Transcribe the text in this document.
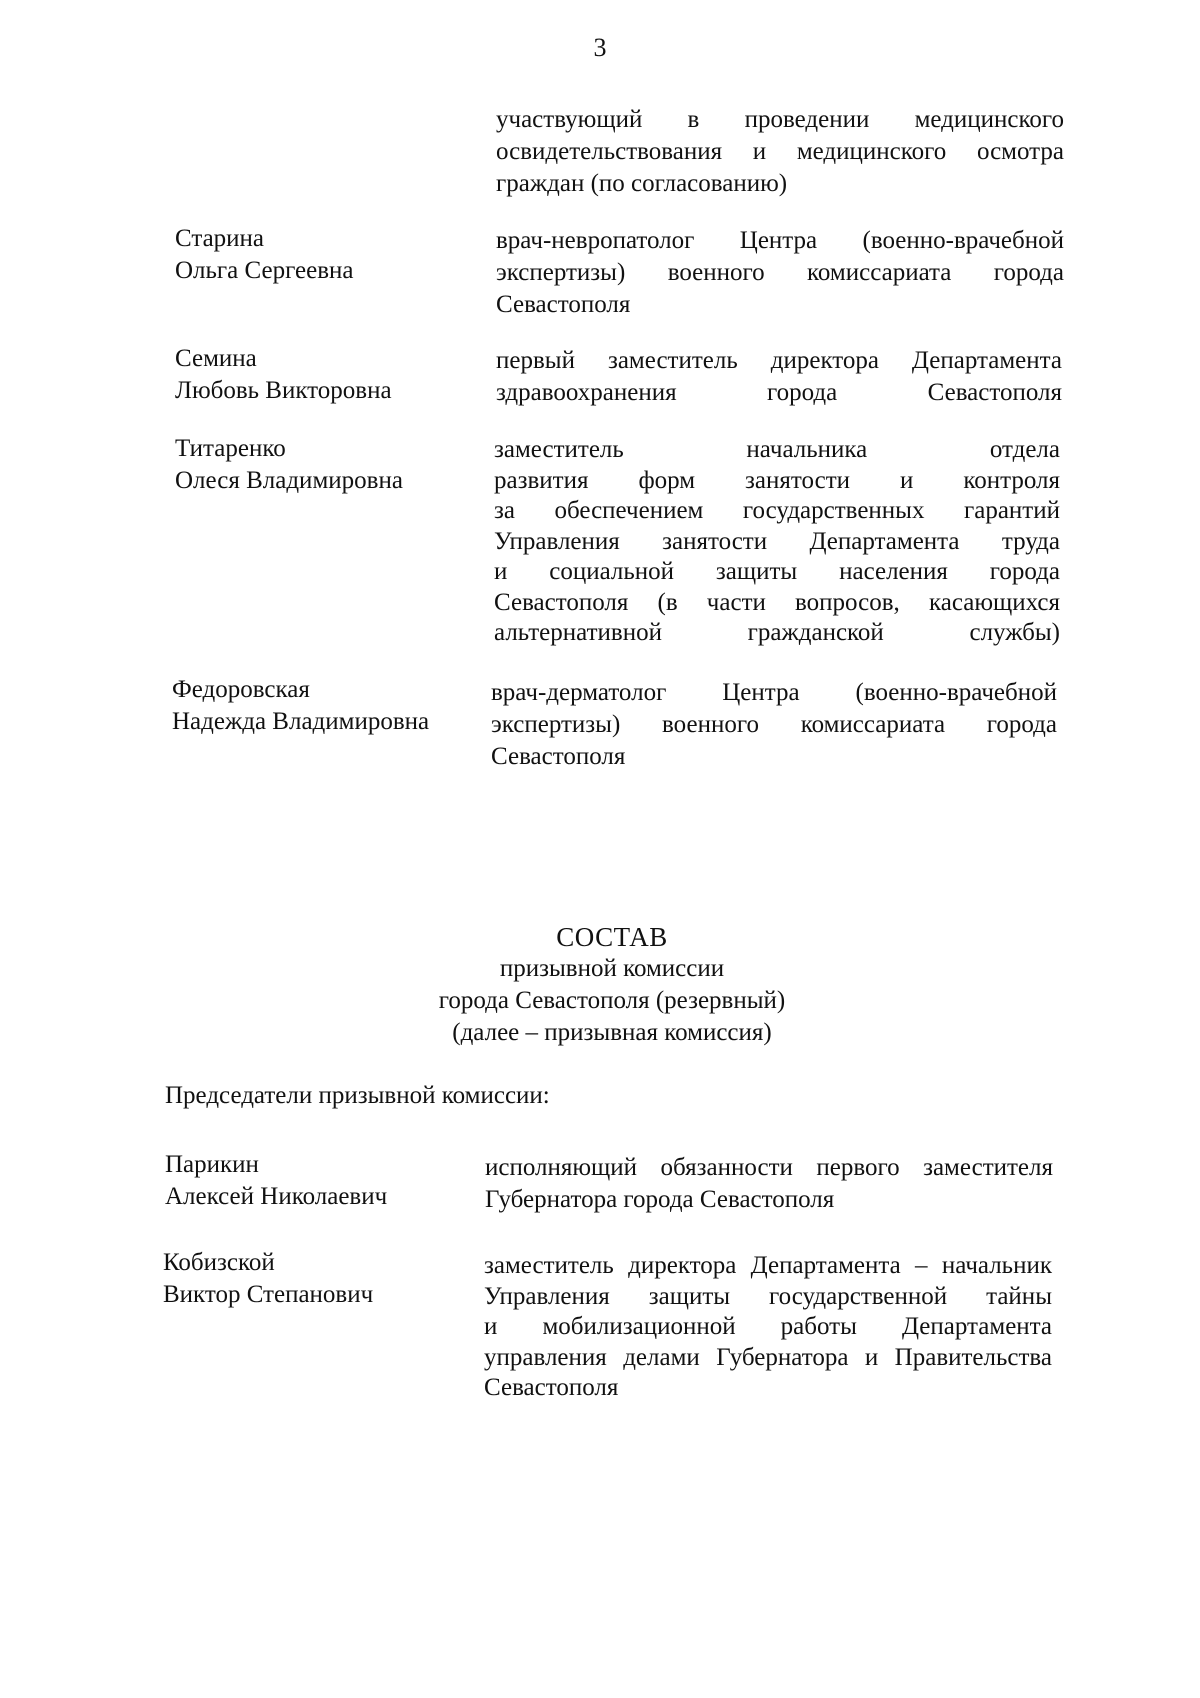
3
участвующий в проведении медицинского
освидетельствования и медицинского осмотра
граждан (по согласованию)
Старина
Ольга Сергеевна
врач-невропатолог Центра (военно-врачебной
экспертизы) военного комиссариата города
Севастополя
Семина
Любовь Викторовна
первый заместитель директора Департамента
здравоохранения города Севастополя
Титаренко
Олеся Владимировна
заместитель начальника отдела
развития форм занятости и контроля
за обеспечением государственных гарантий
Управления занятости Департамента труда
и социальной защиты населения города
Севастополя (в части вопросов, касающихся
альтернативной гражданской службы)
Федоровская
Надежда Владимировна
врач-дерматолог Центра (военно-врачебной
экспертизы) военного комиссариата города
Севастополя
СОСТАВ
призывной комиссии
города Севастополя (резервный)
(далее – призывная комиссия)
Председатели призывной комиссии:
Парикин
Алексей Николаевич
исполняющий обязанности первого заместителя
Губернатора города Севастополя
Кобизской
Виктор Степанович
заместитель директора Департамента – начальник
Управления защиты государственной тайны
и мобилизационной работы Департамента
управления делами Губернатора и Правительства
Севастополя
